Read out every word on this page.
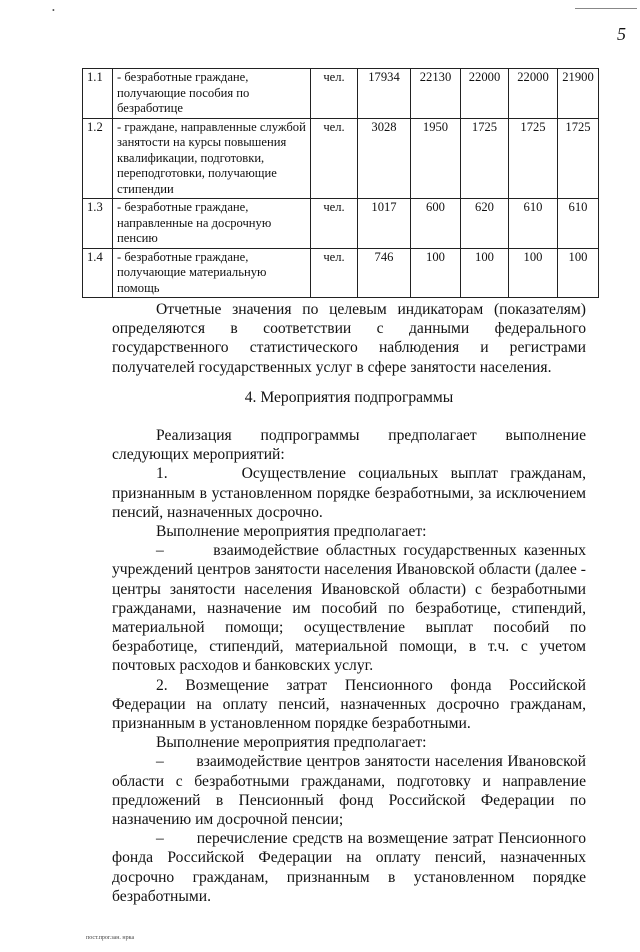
•
5
1.1	- безработные граждане, получающие пособия по безработице	чел.	17934	22130	22000	22000	21900
1.2	- граждане, направленные службой занятости на курсы повышения квалификации, подготовки, переподготовки, получающие стипендии	чел.	3028	1950	1725	1725	1725
1.3	- безработные граждане, направленные на досрочную пенсию	чел.	1017	600	620	610	610
1.4	- безработные граждане, получающие материальную помощь	чел.	746	100	100	100	100

Отчетные значения по целевым индикаторам (показателям) определяются в соответствии с данными федерального государственного статистического наблюдения и регистрами получателей государственных услуг в сфере занятости населения.

4. Мероприятия подпрограммы

Реализация подпрограммы предполагает выполнение следующих мероприятий:

1.      Осуществление социальных выплат гражданам, признанным в установленном порядке безработными, за исключением пенсий, назначенных досрочно.

Выполнение мероприятия предполагает:

–       взаимодействие областных государственных казенных учреждений центров занятости населения Ивановской области (далее - центры занятости населения Ивановской области) с безработными гражданами, назначение им пособий по безработице, стипендий, материальной помощи; осуществление выплат пособий по безработице, стипендий, материальной помощи, в т.ч. с учетом почтовых расходов и банковских услуг.

2. Возмещение затрат Пенсионного фонда Российской Федерации на оплату пенсий, назначенных досрочно гражданам, признанным в установленном порядке безработными.

Выполнение мероприятия предполагает:

–       взаимодействие центров занятости населения Ивановской области с безработными гражданами, подготовку и направление предложений в Пенсионный фонд Российской Федерации по назначению им досрочной пенсии;

–       перечисление средств на возмещение затрат Пенсионного фонда Российской Федерации на оплату пенсий, назначенных досрочно гражданам, признанным в установленном порядке безработными.

пост.прог.зан. нрка
